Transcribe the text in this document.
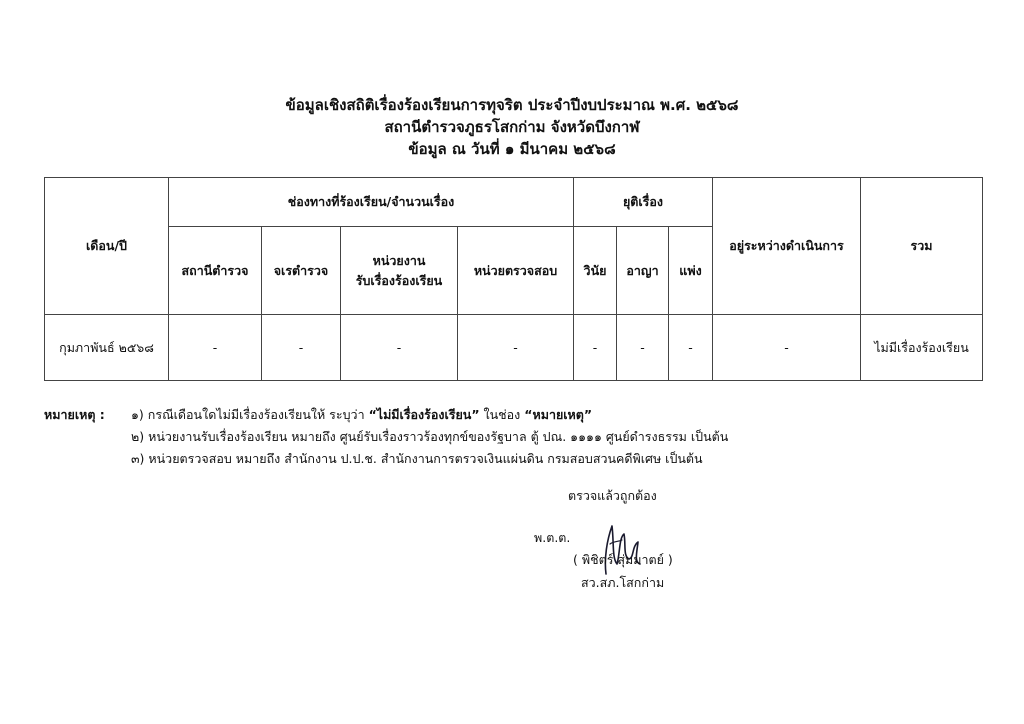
ข้อมูลเชิงสถิติเรื่องร้องเรียนการทุจริต ประจำปีงบประมาณ พ.ศ. ๒๕๖๘
สถานีตำรวจภูธรโสกก่าม จังหวัดบึงกาฬ
ข้อมูล ณ วันที่ ๑ มีนาคม ๒๕๖๘
เดือน/ปี	ช่องทางที่ร้องเรียน/จำนวนเรื่อง				ยุติเรื่อง			อยู่ระหว่างดำเนินการ	รวม
	สถานีตำรวจ	จเรตำรวจ	หน่วยงาน
รับเรื่องร้องเรียน	หน่วยตรวจสอบ	วินัย	อาญา	แพ่ง		
กุมภาพันธ์ ๒๕๖๘	-	-	-	-	-	-	-	-	ไม่มีเรื่องร้องเรียน
หมายเหตุ : ๑) กรณีเดือนใดไม่มีเรื่องร้องเรียนให้ ระบุว่า “ไม่มีเรื่องร้องเรียน” ในช่อง “หมายเหตุ”
๒) หน่วยงานรับเรื่องร้องเรียน หมายถึง ศูนย์รับเรื่องราวร้องทุกข์ของรัฐบาล ตู้ ปณ. ๑๑๑๑ ศูนย์ดำรงธรรม เป็นต้น
๓) หน่วยตรวจสอบ หมายถึง สำนักงาน ป.ป.ช. สำนักงานการตรวจเงินแผ่นดิน กรมสอบสวนคดีพิเศษ เป็นต้น
ตรวจแล้วถูกต้อง
พ.ต.ต.
( พิชิตร์ สุ่มมาตย์ )
สว.สภ.โสกก่าม
